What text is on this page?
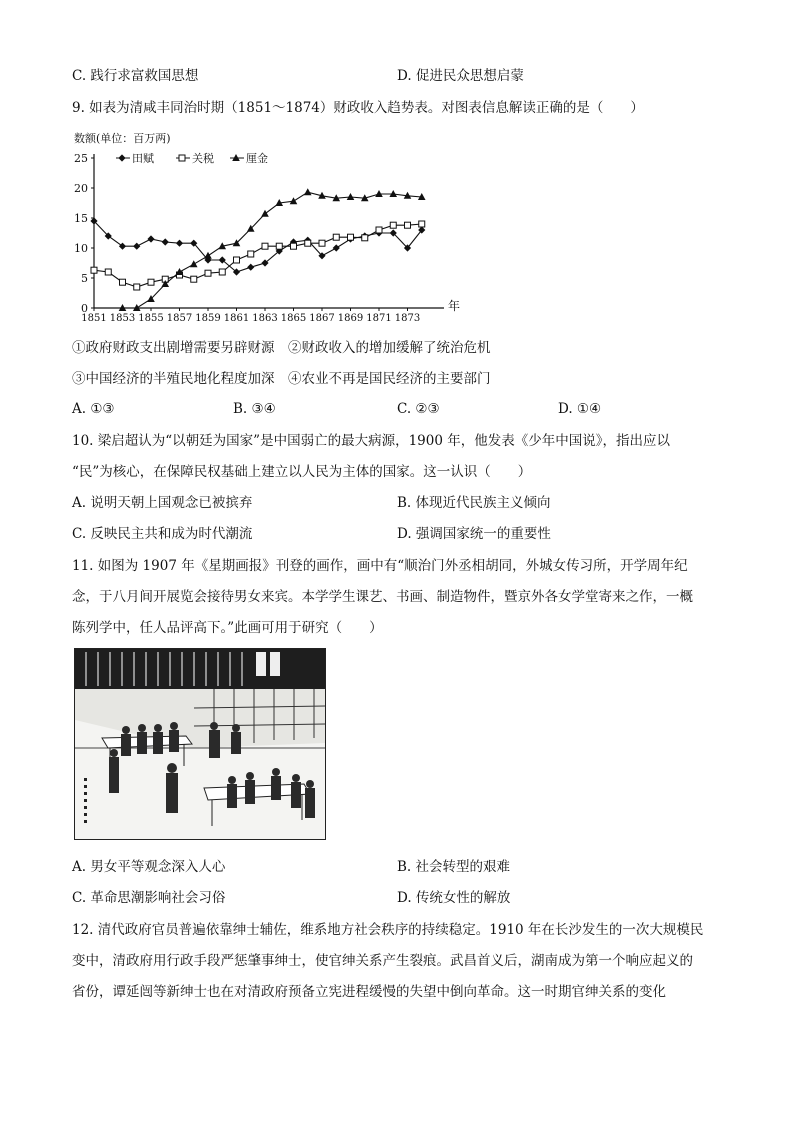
C. 践行求富救国思想	D. 促进民众思想启蒙
9. 如表为清咸丰同治时期（1851～1874）财政收入趋势表。对图表信息解读正确的是（　　）
田赋	关税	厘金
数额(单位：百万两)
0
5
10
15
20
25
1851 1853 1855 1857 1859 1861 1863 1865 1867 1869 1871 1873
年
①政府财政支出剧增需要另辟财源　②财政收入的增加缓解了统治危机
③中国经济的半殖民地化程度加深　④农业不再是国民经济的主要部门
A. ①③	B. ③④	C. ②③	D. ①④
10. 梁启超认为“以朝廷为国家”是中国弱亡的最大病源，1900 年，他发表《少年中国说》，指出应以
“民”为核心，在保障民权基础上建立以人民为主体的国家。这一认识（　　）
A. 说明天朝上国观念已被摈弃	B. 体现近代民族主义倾向
C. 反映民主共和成为时代潮流	D. 强调国家统一的重要性
11. 如图为 1907 年《星期画报》刊登的画作，画中有“顺治门外丞相胡同，外城女传习所，开学周年纪
念，于八月间开展览会接待男女来宾。本学学生课艺、书画、制造物件，暨京外各女学堂寄来之作，一概
陈列学中，任人品评高下。”此画可用于研究（　　）
A. 男女平等观念深入人心	B. 社会转型的艰难
C. 革命思潮影响社会习俗	D. 传统女性的解放
12. 清代政府官员普遍依靠绅士辅佐，维系地方社会秩序的持续稳定。1910 年在长沙发生的一次大规模民
变中，清政府用行政手段严惩肇事绅士，使官绅关系产生裂痕。武昌首义后，湖南成为第一个响应起义的
省份，谭延闿等新绅士也在对清政府预备立宪进程缓慢的失望中倒向革命。这一时期官绅关系的变化
